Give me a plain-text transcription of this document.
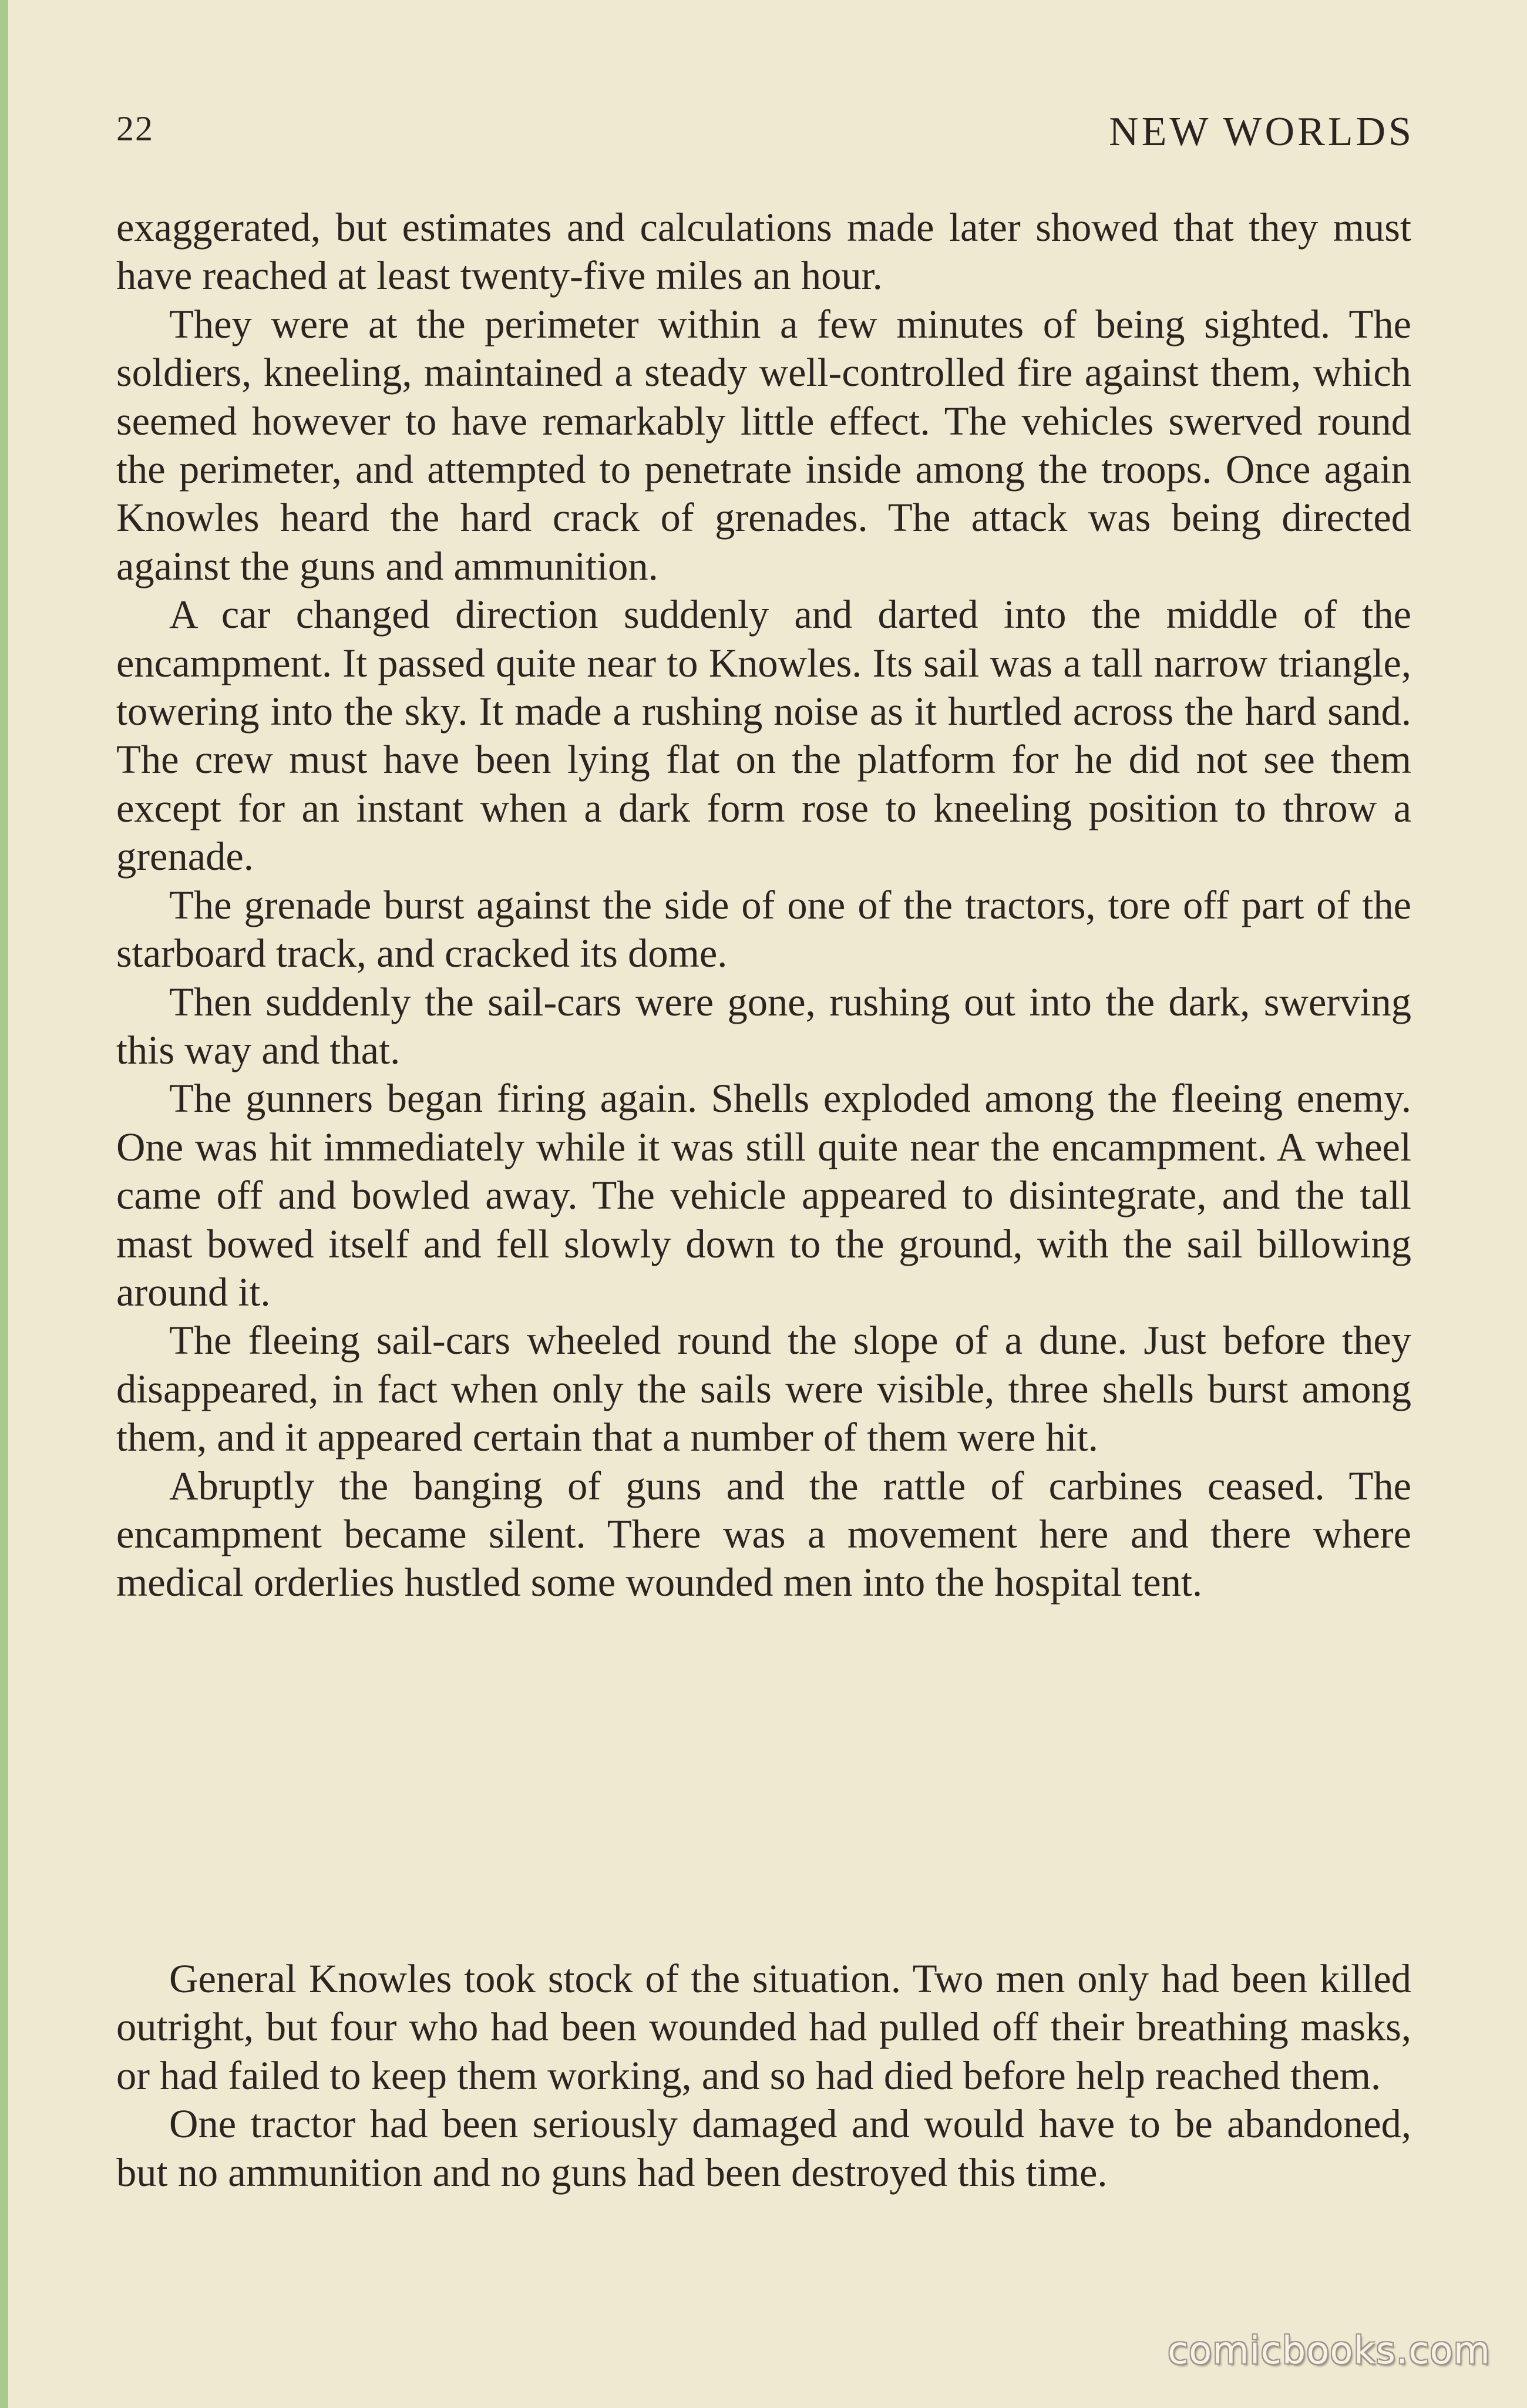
22	NEW WORLDS

exaggerated, but estimates and calculations made later showed that they must have reached at least twenty-five miles an hour.

They were at the perimeter within a few minutes of being sighted. The soldiers, kneeling, maintained a steady well-controlled fire against them, which seemed however to have remarkably little effect. The vehicles swerved round the perimeter, and attempted to penetrate inside among the troops. Once again Knowles heard the hard crack of grenades. The attack was being directed against the guns and ammunition.

A car changed direction suddenly and darted into the middle of the encampment. It passed quite near to Knowles. Its sail was a tall narrow triangle, towering into the sky. It made a rushing noise as it hurtled across the hard sand. The crew must have been lying flat on the platform for he did not see them except for an instant when a dark form rose to kneeling position to throw a grenade.

The grenade burst against the side of one of the tractors, tore off part of the starboard track, and cracked its dome.

Then suddenly the sail-cars were gone, rushing out into the dark, swerving this way and that.

The gunners began firing again. Shells exploded among the fleeing enemy. One was hit immediately while it was still quite near the encampment. A wheel came off and bowled away. The vehicle appeared to disintegrate, and the tall mast bowed itself and fell slowly down to the ground, with the sail billowing around it.

The fleeing sail-cars wheeled round the slope of a dune. Just before they disappeared, in fact when only the sails were visible, three shells burst among them, and it appeared certain that a number of them were hit.

Abruptly the banging of guns and the rattle of carbines ceased. The encampment became silent. There was a movement here and there where medical orderlies hustled some wounded men into the hospital tent.

General Knowles took stock of the situation. Two men only had been killed outright, but four who had been wounded had pulled off their breathing masks, or had failed to keep them working, and so had died before help reached them.

One tractor had been seriously damaged and would have to be abandoned, but no ammunition and no guns had been destroyed this time.

comicbooks.com
